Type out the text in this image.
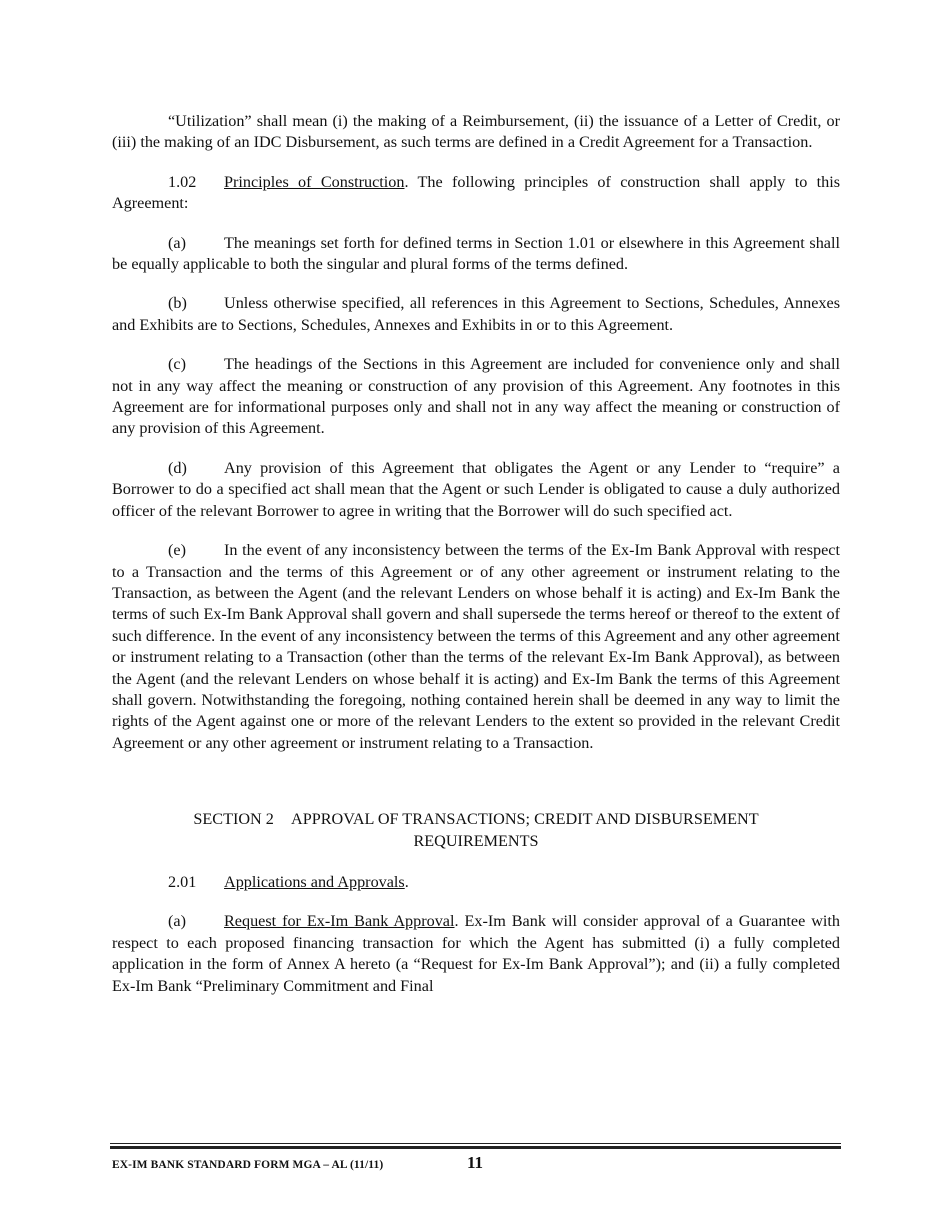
“Utilization” shall mean (i) the making of a Reimbursement, (ii) the issuance of a Letter of Credit, or (iii) the making of an IDC Disbursement, as such terms are defined in a Credit Agreement for a Transaction.

1.02 Principles of Construction. The following principles of construction shall apply to this Agreement:

(a) The meanings set forth for defined terms in Section 1.01 or elsewhere in this Agreement shall be equally applicable to both the singular and plural forms of the terms defined.

(b) Unless otherwise specified, all references in this Agreement to Sections, Schedules, Annexes and Exhibits are to Sections, Schedules, Annexes and Exhibits in or to this Agreement.

(c) The headings of the Sections in this Agreement are included for convenience only and shall not in any way affect the meaning or construction of any provision of this Agreement. Any footnotes in this Agreement are for informational purposes only and shall not in any way affect the meaning or construction of any provision of this Agreement.

(d) Any provision of this Agreement that obligates the Agent or any Lender to “require” a Borrower to do a specified act shall mean that the Agent or such Lender is obligated to cause a duly authorized officer of the relevant Borrower to agree in writing that the Borrower will do such specified act.

(e) In the event of any inconsistency between the terms of the Ex-Im Bank Approval with respect to a Transaction and the terms of this Agreement or of any other agreement or instrument relating to the Transaction, as between the Agent (and the relevant Lenders on whose behalf it is acting) and Ex-Im Bank the terms of such Ex-Im Bank Approval shall govern and shall supersede the terms hereof or thereof to the extent of such difference. In the event of any inconsistency between the terms of this Agreement and any other agreement or instrument relating to a Transaction (other than the terms of the relevant Ex-Im Bank Approval), as between the Agent (and the relevant Lenders on whose behalf it is acting) and Ex-Im Bank the terms of this Agreement shall govern. Notwithstanding the foregoing, nothing contained herein shall be deemed in any way to limit the rights of the Agent against one or more of the relevant Lenders to the extent so provided in the relevant Credit Agreement or any other agreement or instrument relating to a Transaction.

SECTION 2 APPROVAL OF TRANSACTIONS; CREDIT AND DISBURSEMENT REQUIREMENTS

2.01 Applications and Approvals.

(a) Request for Ex-Im Bank Approval. Ex-Im Bank will consider approval of a Guarantee with respect to each proposed financing transaction for which the Agent has submitted (i) a fully completed application in the form of Annex A hereto (a “Request for Ex-Im Bank Approval”); and (ii) a fully completed Ex-Im Bank “Preliminary Commitment and Final

EX-IM BANK STANDARD FORM MGA – AL (11/11)	11
